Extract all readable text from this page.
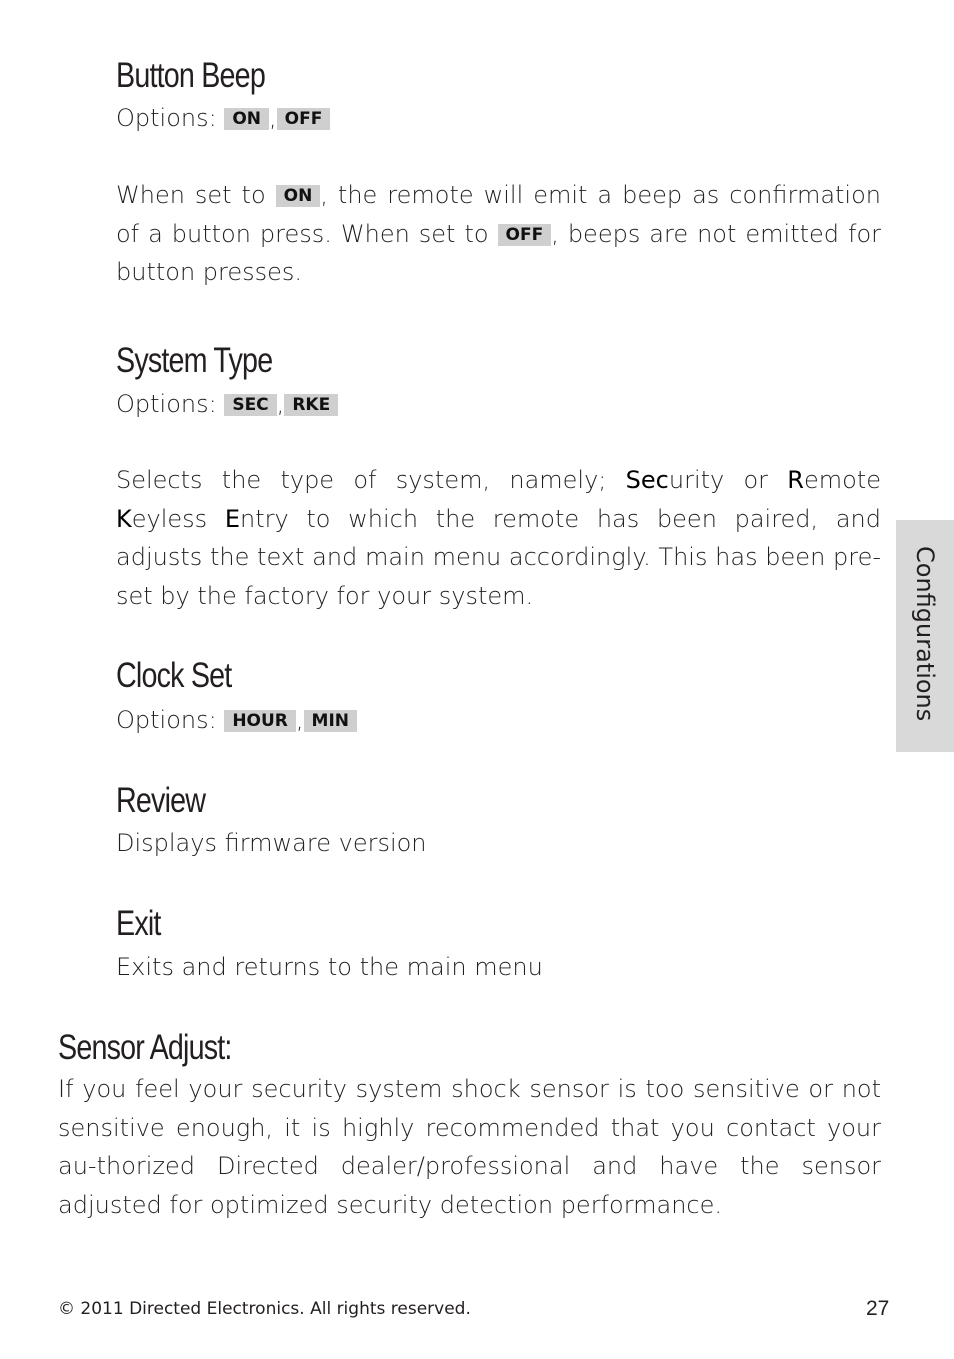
Button Beep
Options: ON , OFF

When set to ON , the remote will emit a beep as confirmation of a button press. When set to OFF , beeps are not emitted for button presses.

System Type
Options: SEC , RKE

Selects the type of system, namely; Security or Remote Keyless Entry to which the remote has been paired, and adjusts the text and main menu accordingly. This has been pre-set by the factory for your system.

Clock Set
Options: HOUR , MIN
Review

Displays firmware version

Exit

Exits and returns to the main menu

Sensor Adjust:

If you feel your security system shock sensor is too sensitive or not sensitive enough, it is highly recommended that you contact your au-thorized Directed dealer/professional and have the sensor adjusted for optimized security detection performance.

Configurations
© 2011 Directed Electronics. All rights reserved.	27
